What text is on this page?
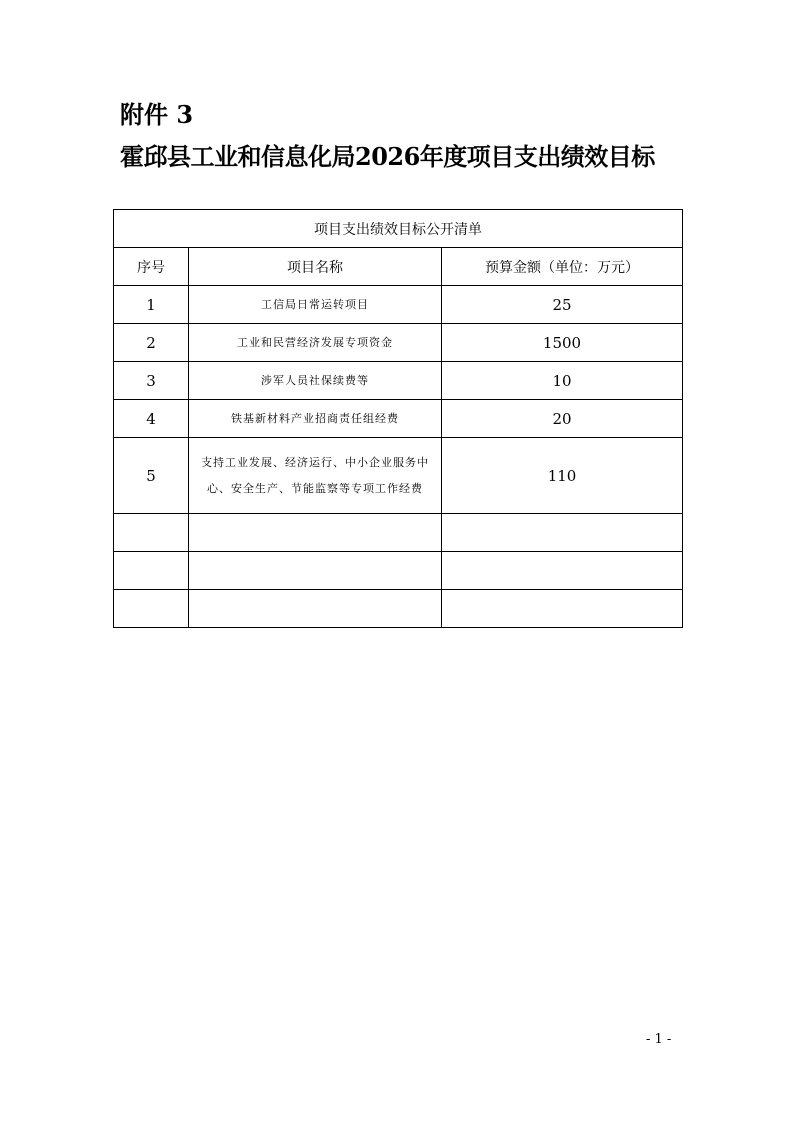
附件 3
霍邱县工业和信息化局2026年度项目支出绩效目标
项目支出绩效目标公开清单		
序号	项目名称	预算金额（单位：万元）
1	工信局日常运转项目	25
2	工业和民营经济发展专项资金	1500
3	涉军人员社保续费等	10
4	铁基新材料产业招商责任组经费	20
5	支持工业发展、经济运行、中小企业服务中心、安全生产、节能监察等专项工作经费	110

- 1 -
